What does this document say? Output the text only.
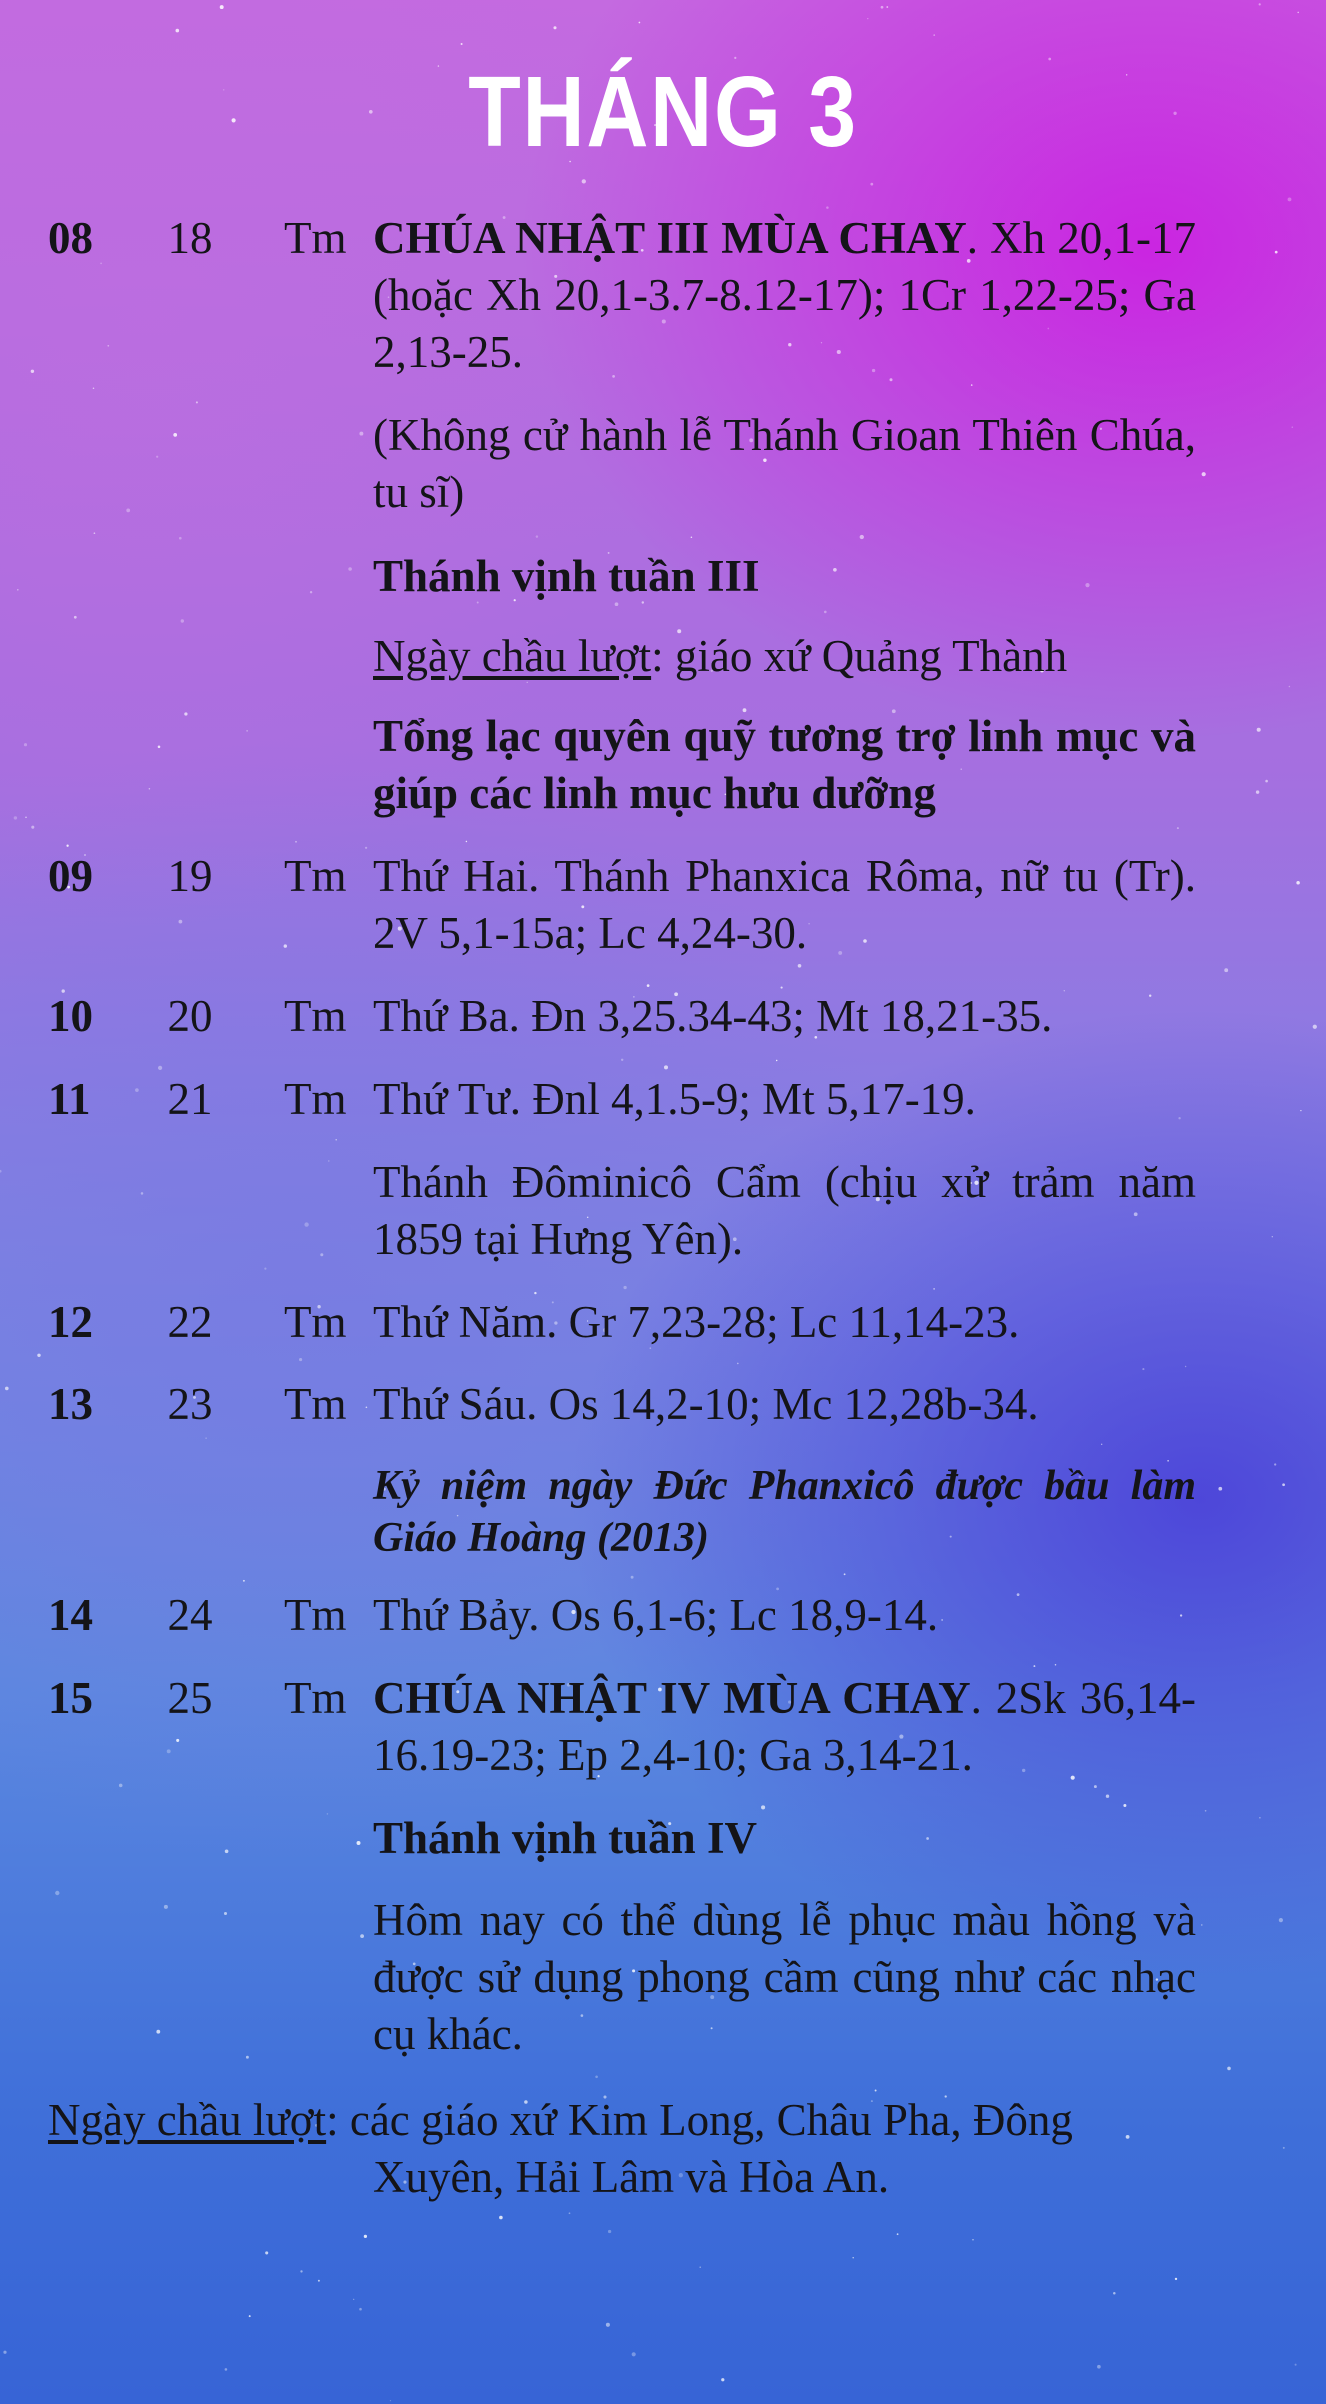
THÁNG 3
08 18 Tm CHÚA NHẬT III MÙA CHAY. Xh 20,1-17 (hoặc Xh 20,1-3.7-8.12-17); 1Cr 1,22-25; Ga 2,13-25.
(Không cử hành lễ Thánh Gioan Thiên Chúa, tu sĩ)
Thánh vịnh tuần III
Ngày chầu lượt: giáo xứ Quảng Thành
Tổng lạc quyên quỹ tương trợ linh mục và giúp các linh mục hưu dưỡng
09 19 Tm Thứ Hai. Thánh Phanxica Rôma, nữ tu (Tr). 2V 5,1-15a; Lc 4,24-30.
10 20 Tm Thứ Ba. Đn 3,25.34-43; Mt 18,21-35.
11 21 Tm Thứ Tư. Đnl 4,1.5-9; Mt 5,17-19.
Thánh Đôminicô Cẩm (chịu xử trảm năm 1859 tại Hưng Yên).
12 22 Tm Thứ Năm. Gr 7,23-28; Lc 11,14-23.
13 23 Tm Thứ Sáu. Os 14,2-10; Mc 12,28b-34.
Kỷ niệm ngày Đức Phanxicô được bầu làm Giáo Hoàng (2013)
14 24 Tm Thứ Bảy. Os 6,1-6; Lc 18,9-14.
15 25 Tm CHÚA NHẬT IV MÙA CHAY. 2Sk 36,14-16.19-23; Ep 2,4-10; Ga 3,14-21.
Thánh vịnh tuần IV
Hôm nay có thể dùng lễ phục màu hồng và được sử dụng phong cầm cũng như các nhạc cụ khác.
Ngày chầu lượt: các giáo xứ Kim Long, Châu Pha, Đông
Xuyên, Hải Lâm và Hòa An.
